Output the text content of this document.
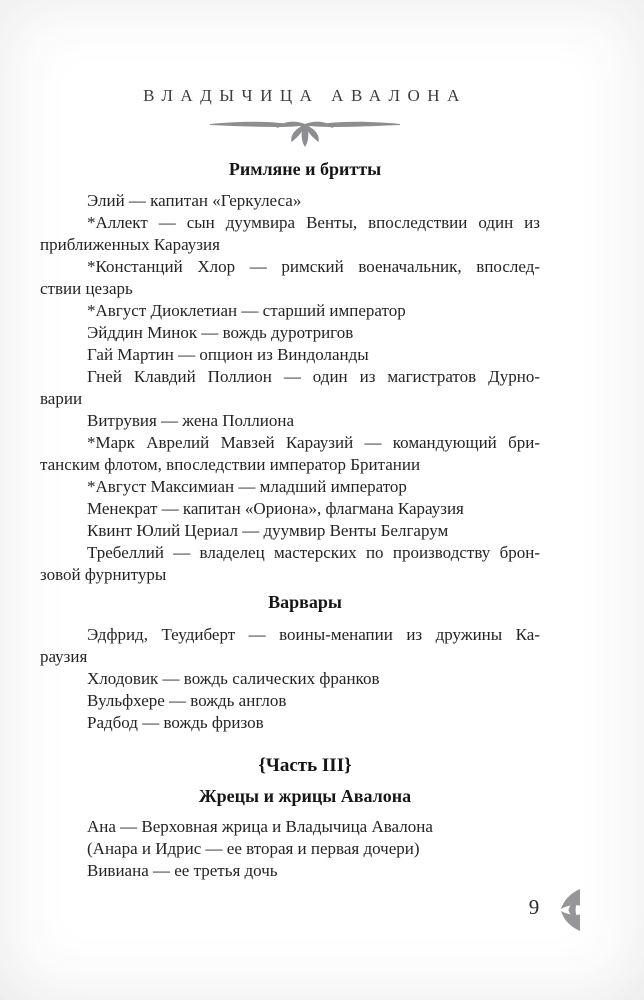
ВЛАДЫЧИЦА АВАЛОНА
Римляне и бритты
Элий — капитан «Геркулеса»
*Аллект — сын дуумвира Венты, впоследствии один из
приближенных Караузия
*Констанций Хлор — римский военачальник, впослед-
ствии цезарь
*Август Диоклетиан — старший император
Эйддин Минок — вождь дуротригов
Гай Мартин — опцион из Виндоланды
Гней Клавдий Поллион — один из магистратов Дурно-
варии
Витрувия — жена Поллиона
*Марк Аврелий Мавзей Караузий — командующий бри-
танским флотом, впоследствии император Британии
*Август Максимиан — младший император
Менекрат — капитан «Ориона», флагмана Караузия
Квинт Юлий Цериал — дуумвир Венты Белгарум
Требеллий — владелец мастерских по производству брон-
зовой фурнитуры
Варвары
Эдфрид, Теудиберт — воины-менапии из дружины Ка-
раузия
Хлодовик — вождь салических франков
Вульфхере — вождь англов
Радбод — вождь фризов
{Часть III}
Жрецы и жрицы Авалона
Ана — Верховная жрица и Владычица Авалона
(Анара и Идрис — ее вторая и первая дочери)
Вивиана — ее третья дочь
9
